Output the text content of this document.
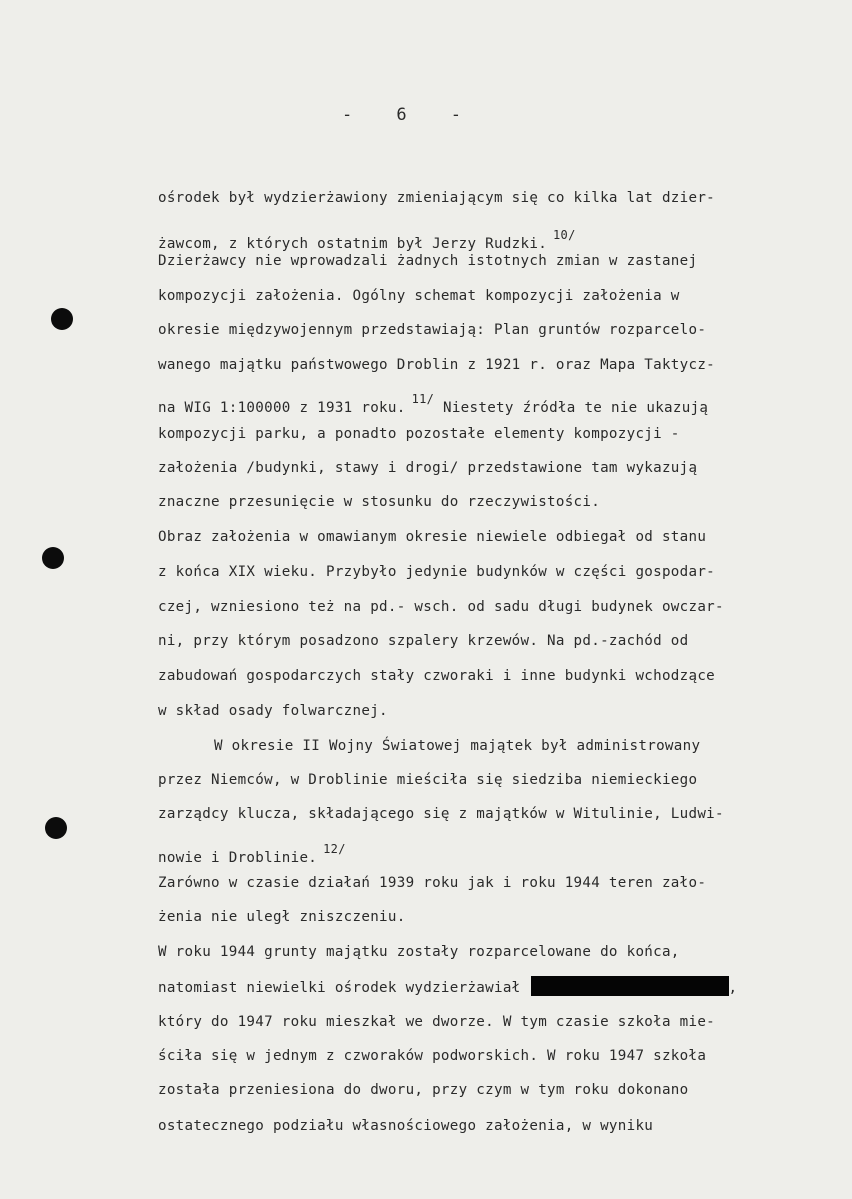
-	6	-
ośrodek był wydzierżawiony zmieniającym się co kilka lat dzier-
żawcom, z których ostatnim był Jerzy Rudzki.$^{10/}$
Dzierżawcy nie wprowadzali żadnych istotnych zmian w zastanej
kompozycji założenia. Ogólny schemat kompozycji założenia w
okresie międzywojennym przedstawiają: Plan gruntów rozparcelo-
wanego majątku państwowego Droblin z 1921 r. oraz Mapa Taktycz-
na WIG 1:100000 z 1931 roku.$^{11/}$ Niestety źródła te nie ukazują
kompozycji parku, a ponadto pozostałe elementy kompozycji -
założenia /budynki, stawy i drogi/ przedstawione tam wykazują
znaczne przesunięcie w stosunku do rzeczywistości.
Obraz założenia w omawianym okresie niewiele odbiegał od stanu
z końca XIX wieku. Przybyło jedynie budynków w części gospodar-
czej, wzniesiono też na pd.- wsch. od sadu długi budynek owczar-
ni, przy którym posadzono szpalery krzewów. Na pd.-zachód od
zabudowań gospodarczych stały czworaki i inne budynki wchodzące
w skład osady folwarcznej.
W okresie II Wojny Światowej majątek był administrowany
przez Niemców, w Droblinie mieściła się siedziba niemieckiego
zarządcy klucza, składającego się z majątków w Witulinie, Ludwi-
nowie i Droblinie.$^{12/}$
Zarówno w czasie działań 1939 roku jak i roku 1944 teren zało-
żenia nie uległ zniszczeniu.
W roku 1944 grunty majątku zostały rozparcelowane do końca,
natomiast niewielki ośrodek wydzierżawiał	,
który do 1947 roku mieszkał we dworze. W tym czasie szkoła mie-
ściła się w jednym z czworaków podworskich. W roku 1947 szkoła
została przeniesiona do dworu, przy czym w tym roku dokonano
ostatecznego podziału własnościowego założenia, w wyniku
